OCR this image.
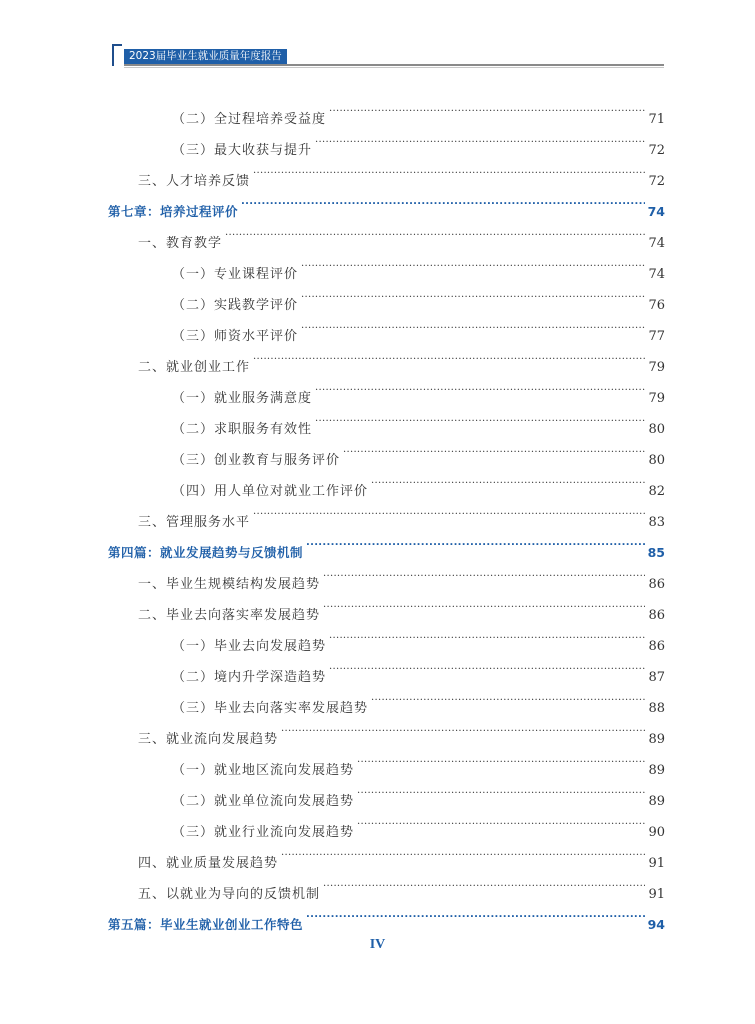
2023届毕业生就业质量年度报告
（二）全过程培养受益度 .....	71
（三）最大收获与提升 .....	72
三、人才培养反馈 .....	72
第七章：培养过程评价 .....	74
一、教育教学 .....	74
（一）专业课程评价 .....	74
（二）实践教学评价 .....	76
（三）师资水平评价 .....	77
二、就业创业工作 .....	79
（一）就业服务满意度 .....	79
（二）求职服务有效性 .....	80
（三）创业教育与服务评价 .....	80
（四）用人单位对就业工作评价 .....	82
三、管理服务水平 .....	83
第四篇：就业发展趋势与反馈机制 .....	85
一、毕业生规模结构发展趋势 .....	86
二、毕业去向落实率发展趋势 .....	86
（一）毕业去向发展趋势 .....	86
（二）境内升学深造趋势 .....	87
（三）毕业去向落实率发展趋势 .....	88
三、就业流向发展趋势 .....	89
（一）就业地区流向发展趋势 .....	89
（二）就业单位流向发展趋势 .....	89
（三）就业行业流向发展趋势 .....	90
四、就业质量发展趋势 .....	91
五、以就业为导向的反馈机制 .....	91
第五篇：毕业生就业创业工作特色 .....	94
IV
